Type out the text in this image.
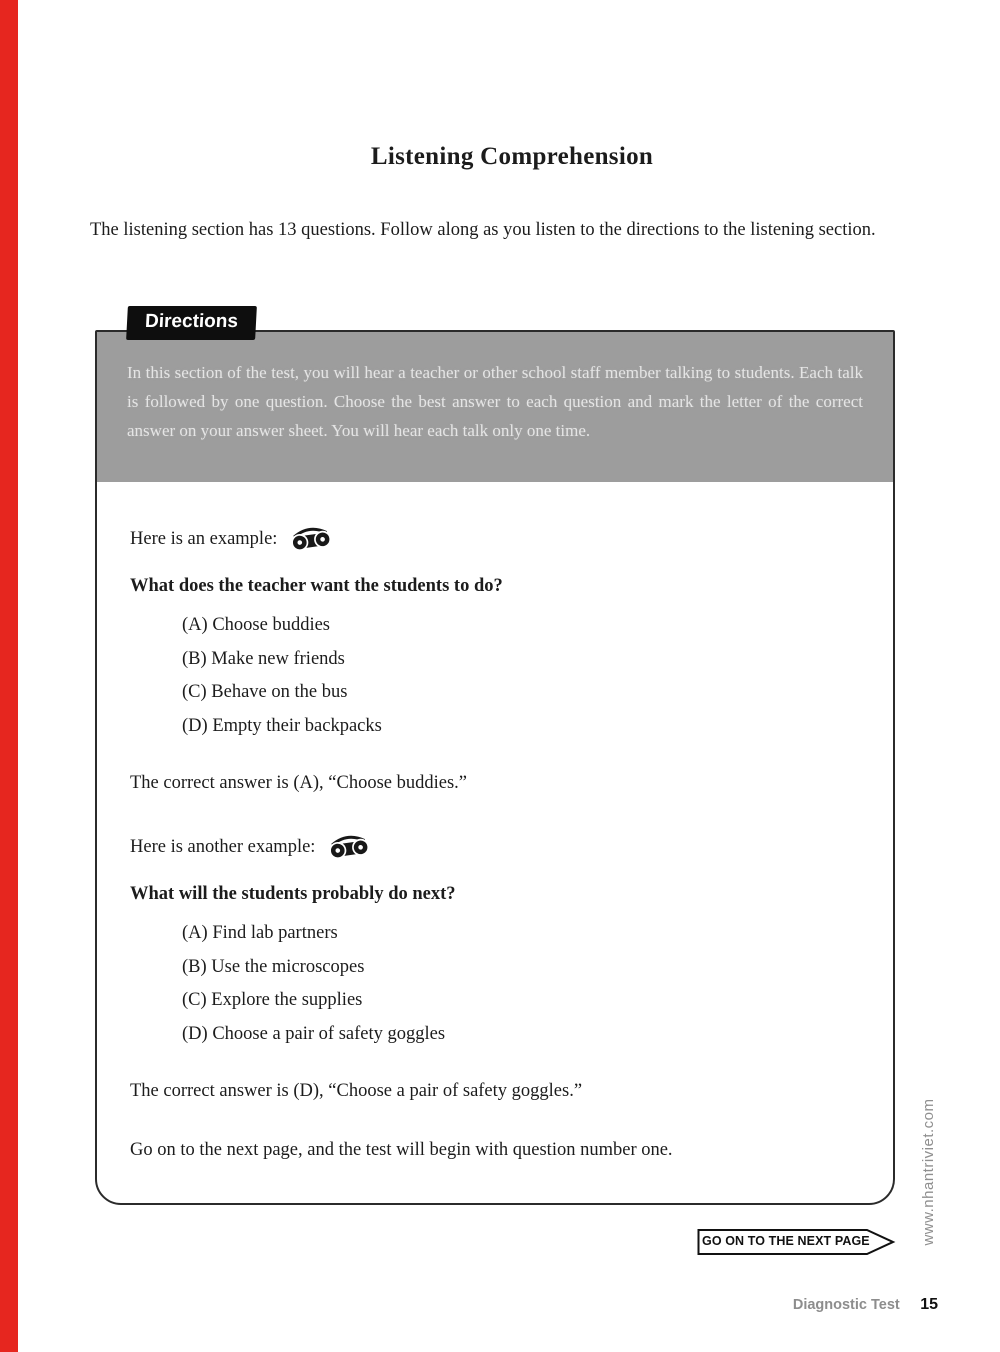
Listening Comprehension

The listening section has 13 questions. Follow along as you listen to the directions to the listening section.

Directions

In this section of the test, you will hear a teacher or other school staff member talking to students. Each talk is followed by one question. Choose the best answer to each question and mark the letter of the correct answer on your answer sheet. You will hear each talk only one time.

Here is an example:

What does the teacher want the students to do?

(A) Choose buddies

(B) Make new friends

(C) Behave on the bus

(D) Empty their backpacks

The correct answer is (A), “Choose buddies.”

Here is another example:

What will the students probably do next?

(A) Find lab partners

(B) Use the microscopes

(C) Explore the supplies

(D) Choose a pair of safety goggles

The correct answer is (D), “Choose a pair of safety goggles.”

Go on to the next page, and the test will begin with question number one.

GO ON TO THE NEXT PAGE	www.nhantriviet.com
Diagnostic Test 15
